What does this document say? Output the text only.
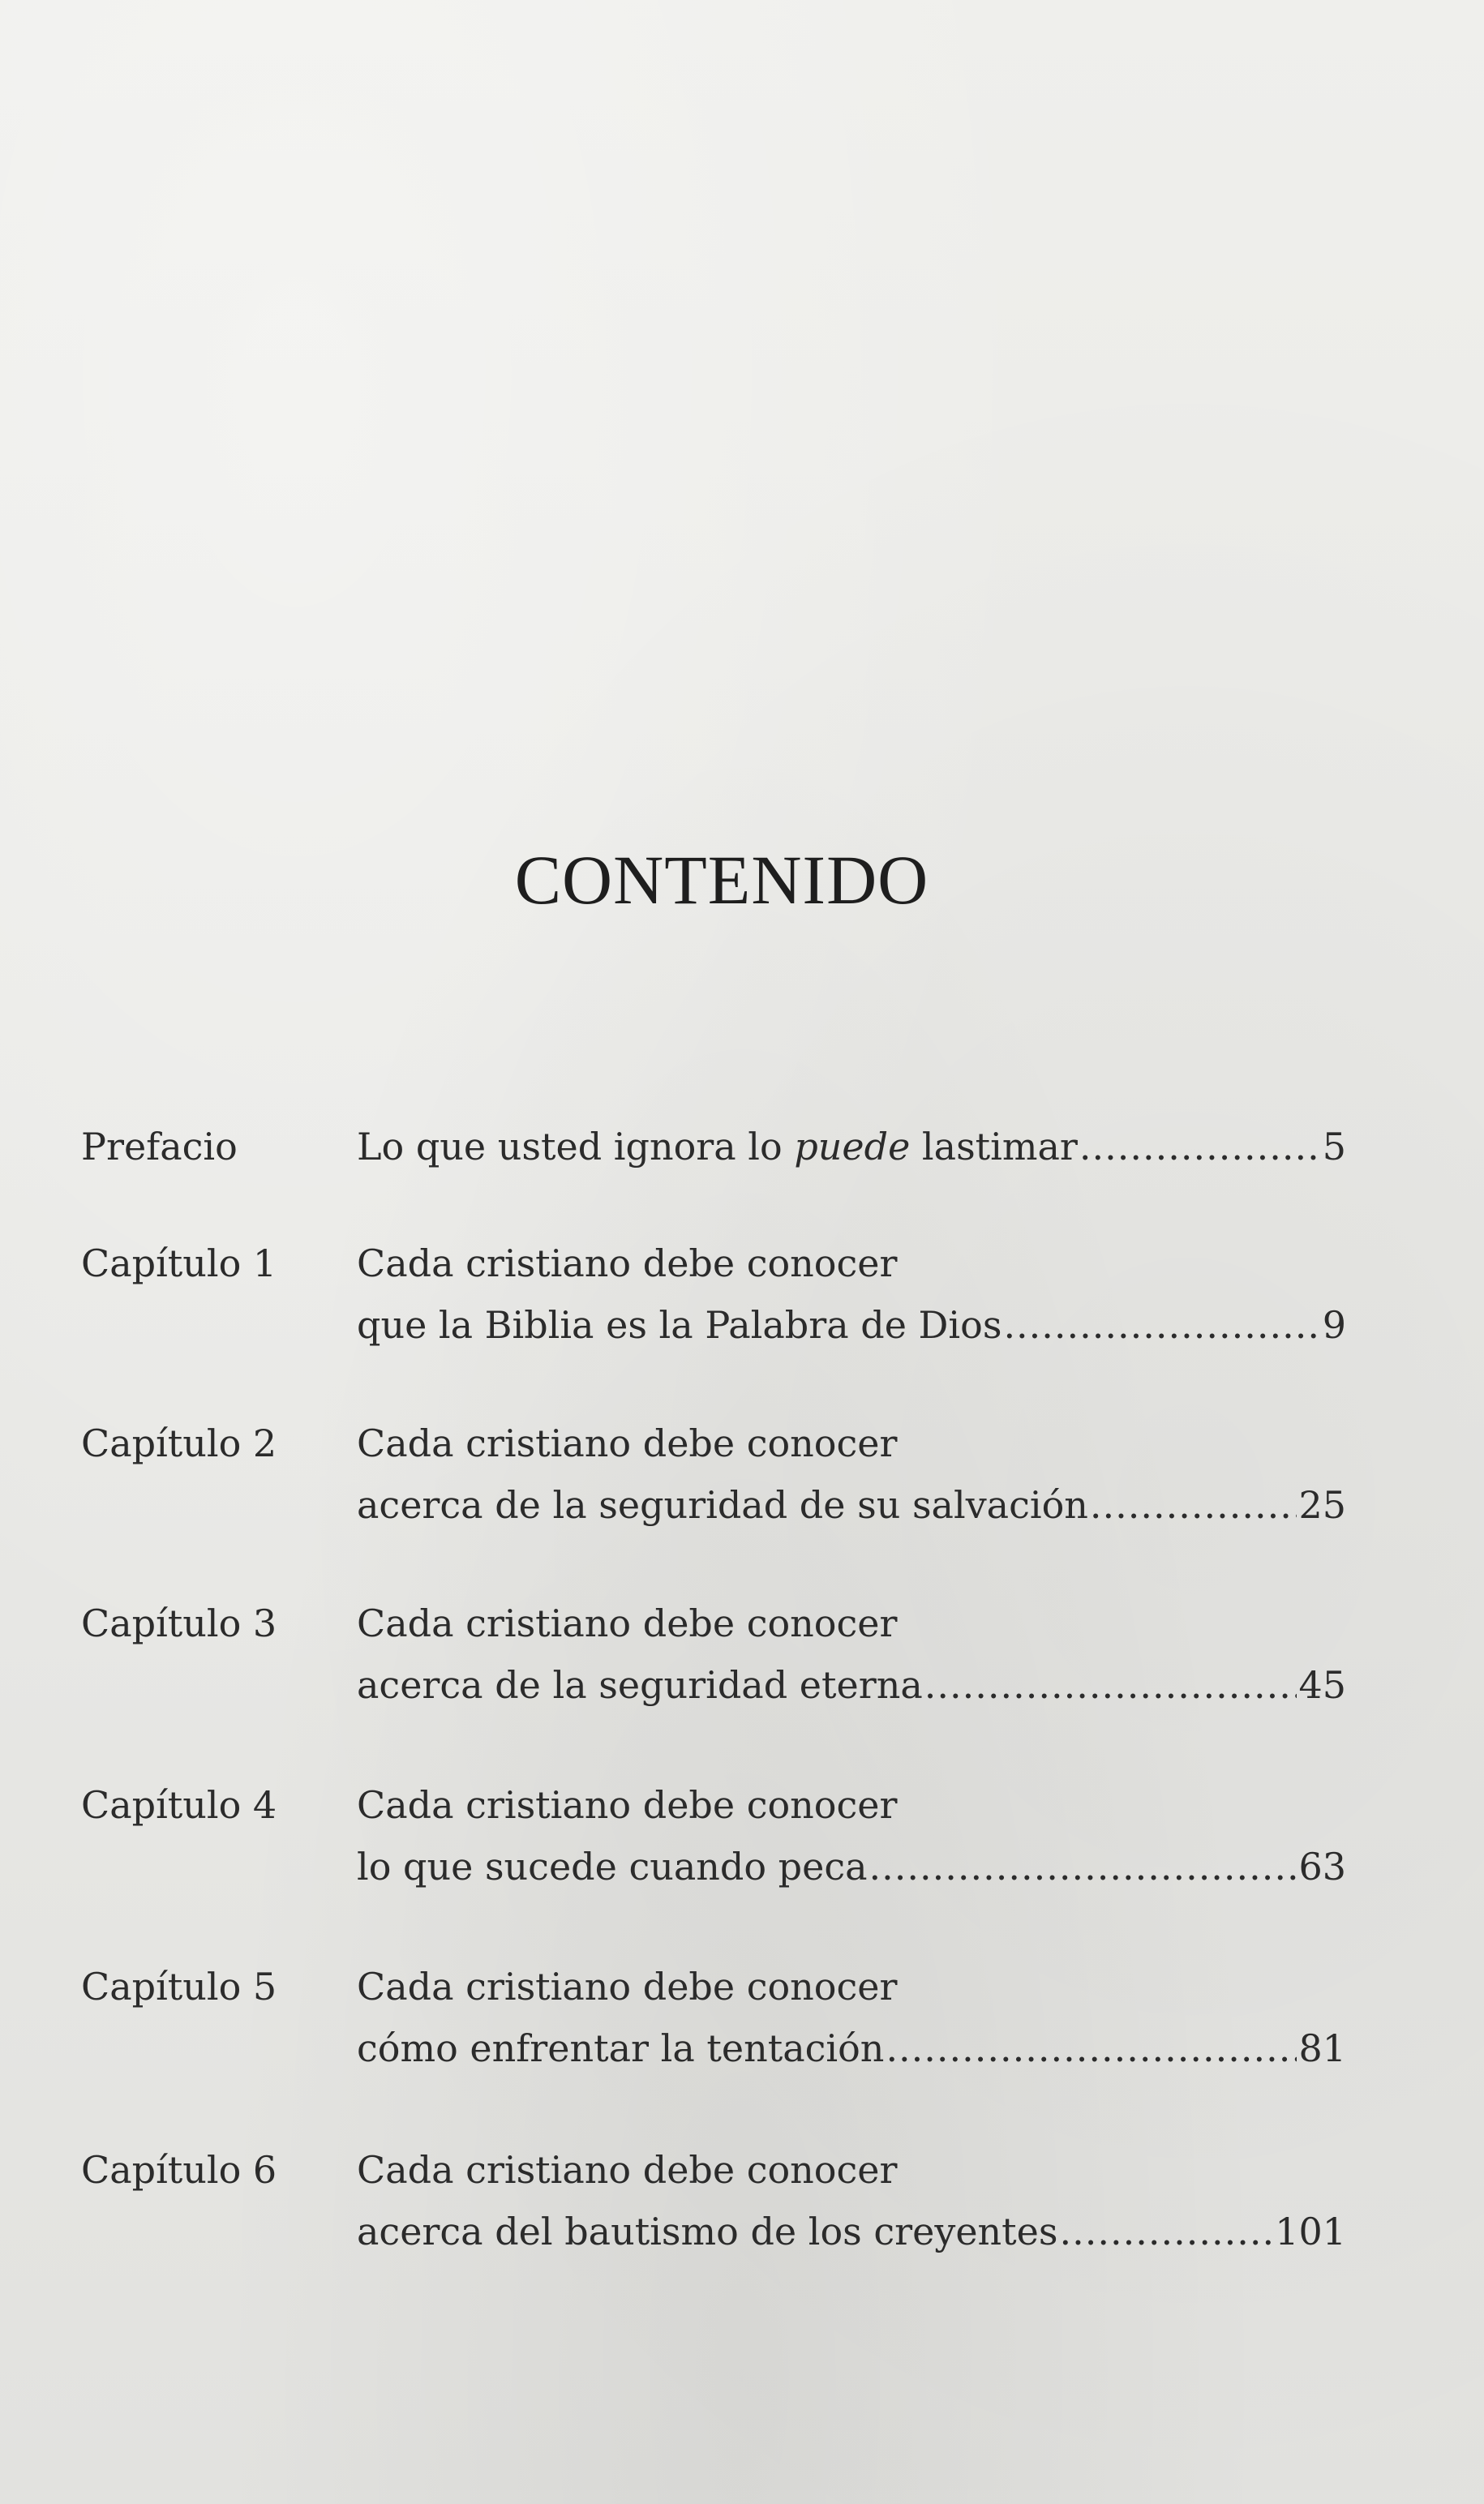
CONTENIDO
Prefacio	Lo que usted ignora lo puede lastimar .....	5
Capítulo 1 Cada cristiano debe conocer
que la Biblia es la Palabra de Dios .....	9
Capítulo 2 Cada cristiano debe conocer
acerca de la seguridad de su salvación .....	25
Capítulo 3 Cada cristiano debe conocer
acerca de la seguridad eterna .....	45
Capítulo 4 Cada cristiano debe conocer
lo que sucede cuando peca .....	63
Capítulo 5 Cada cristiano debe conocer
cómo enfrentar la tentación .....	81
Capítulo 6 Cada cristiano debe conocer
acerca del bautismo de los creyentes .....	101
